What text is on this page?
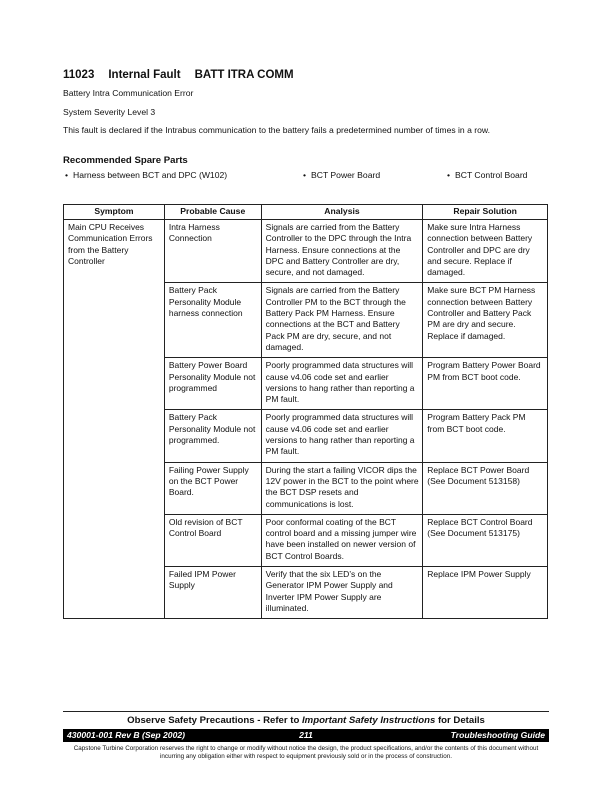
11023 Internal Fault BATT ITRA COMM
Battery Intra Communication Error
System Severity Level 3
This fault is declared if the Intrabus communication to the battery fails a predetermined number of times in a row.
Recommended Spare Parts
• Harness between BCT and DPC (W102)	• BCT Power Board	• BCT Control Board
Symptom	Probable Cause	Analysis	Repair Solution
Main CPU Receives Communication Errors from the Battery Controller	Intra Harness Connection	Signals are carried from the Battery Controller to the DPC through the Intra Harness. Ensure connections at the DPC and Battery Controller are dry, secure, and not damaged.	Make sure Intra Harness connection between Battery Controller and DPC are dry and secure. Replace if damaged.
	Battery Pack Personality Module harness connection	Signals are carried from the Battery Controller PM to the BCT through the Battery Pack PM Harness. Ensure connections at the BCT and Battery Pack PM are dry, secure, and not damaged.	Make sure BCT PM Harness connection between Battery Controller and Battery Pack PM are dry and secure. Replace if damaged.
	Battery Power Board Personality Module not programmed	Poorly programmed data structures will cause v4.06 code set and earlier versions to hang rather than reporting a PM fault.	Program Battery Power Board PM from BCT boot code.
	Battery Pack Personality Module not programmed.	Poorly programmed data structures will cause v4.06 code set and earlier versions to hang rather than reporting a PM fault.	Program Battery Pack PM from BCT boot code.
	Failing Power Supply on the BCT Power Board.	During the start a failing VICOR dips the 12V power in the BCT to the point where the BCT DSP resets and communications is lost.	Replace BCT Power Board (See Document 513158)
	Old revision of BCT Control Board	Poor conformal coating of the BCT control board and a missing jumper wire have been installed on newer version of BCT Control Boards.	Replace BCT Control Board (See Document 513175)
	Failed IPM Power Supply	Verify that the six LED’s on the Generator IPM Power Supply and Inverter IPM Power Supply are illuminated.	Replace IPM Power Supply
Observe Safety Precautions - Refer to Important Safety Instructions for Details
211
430001-001 Rev B (Sep 2002)	Troubleshooting Guide
Capstone Turbine Corporation reserves the right to change or modify without notice the design, the product specifications, and/or the contents of this document without incurring any obligation either with respect to equipment previously sold or in the process of construction.
